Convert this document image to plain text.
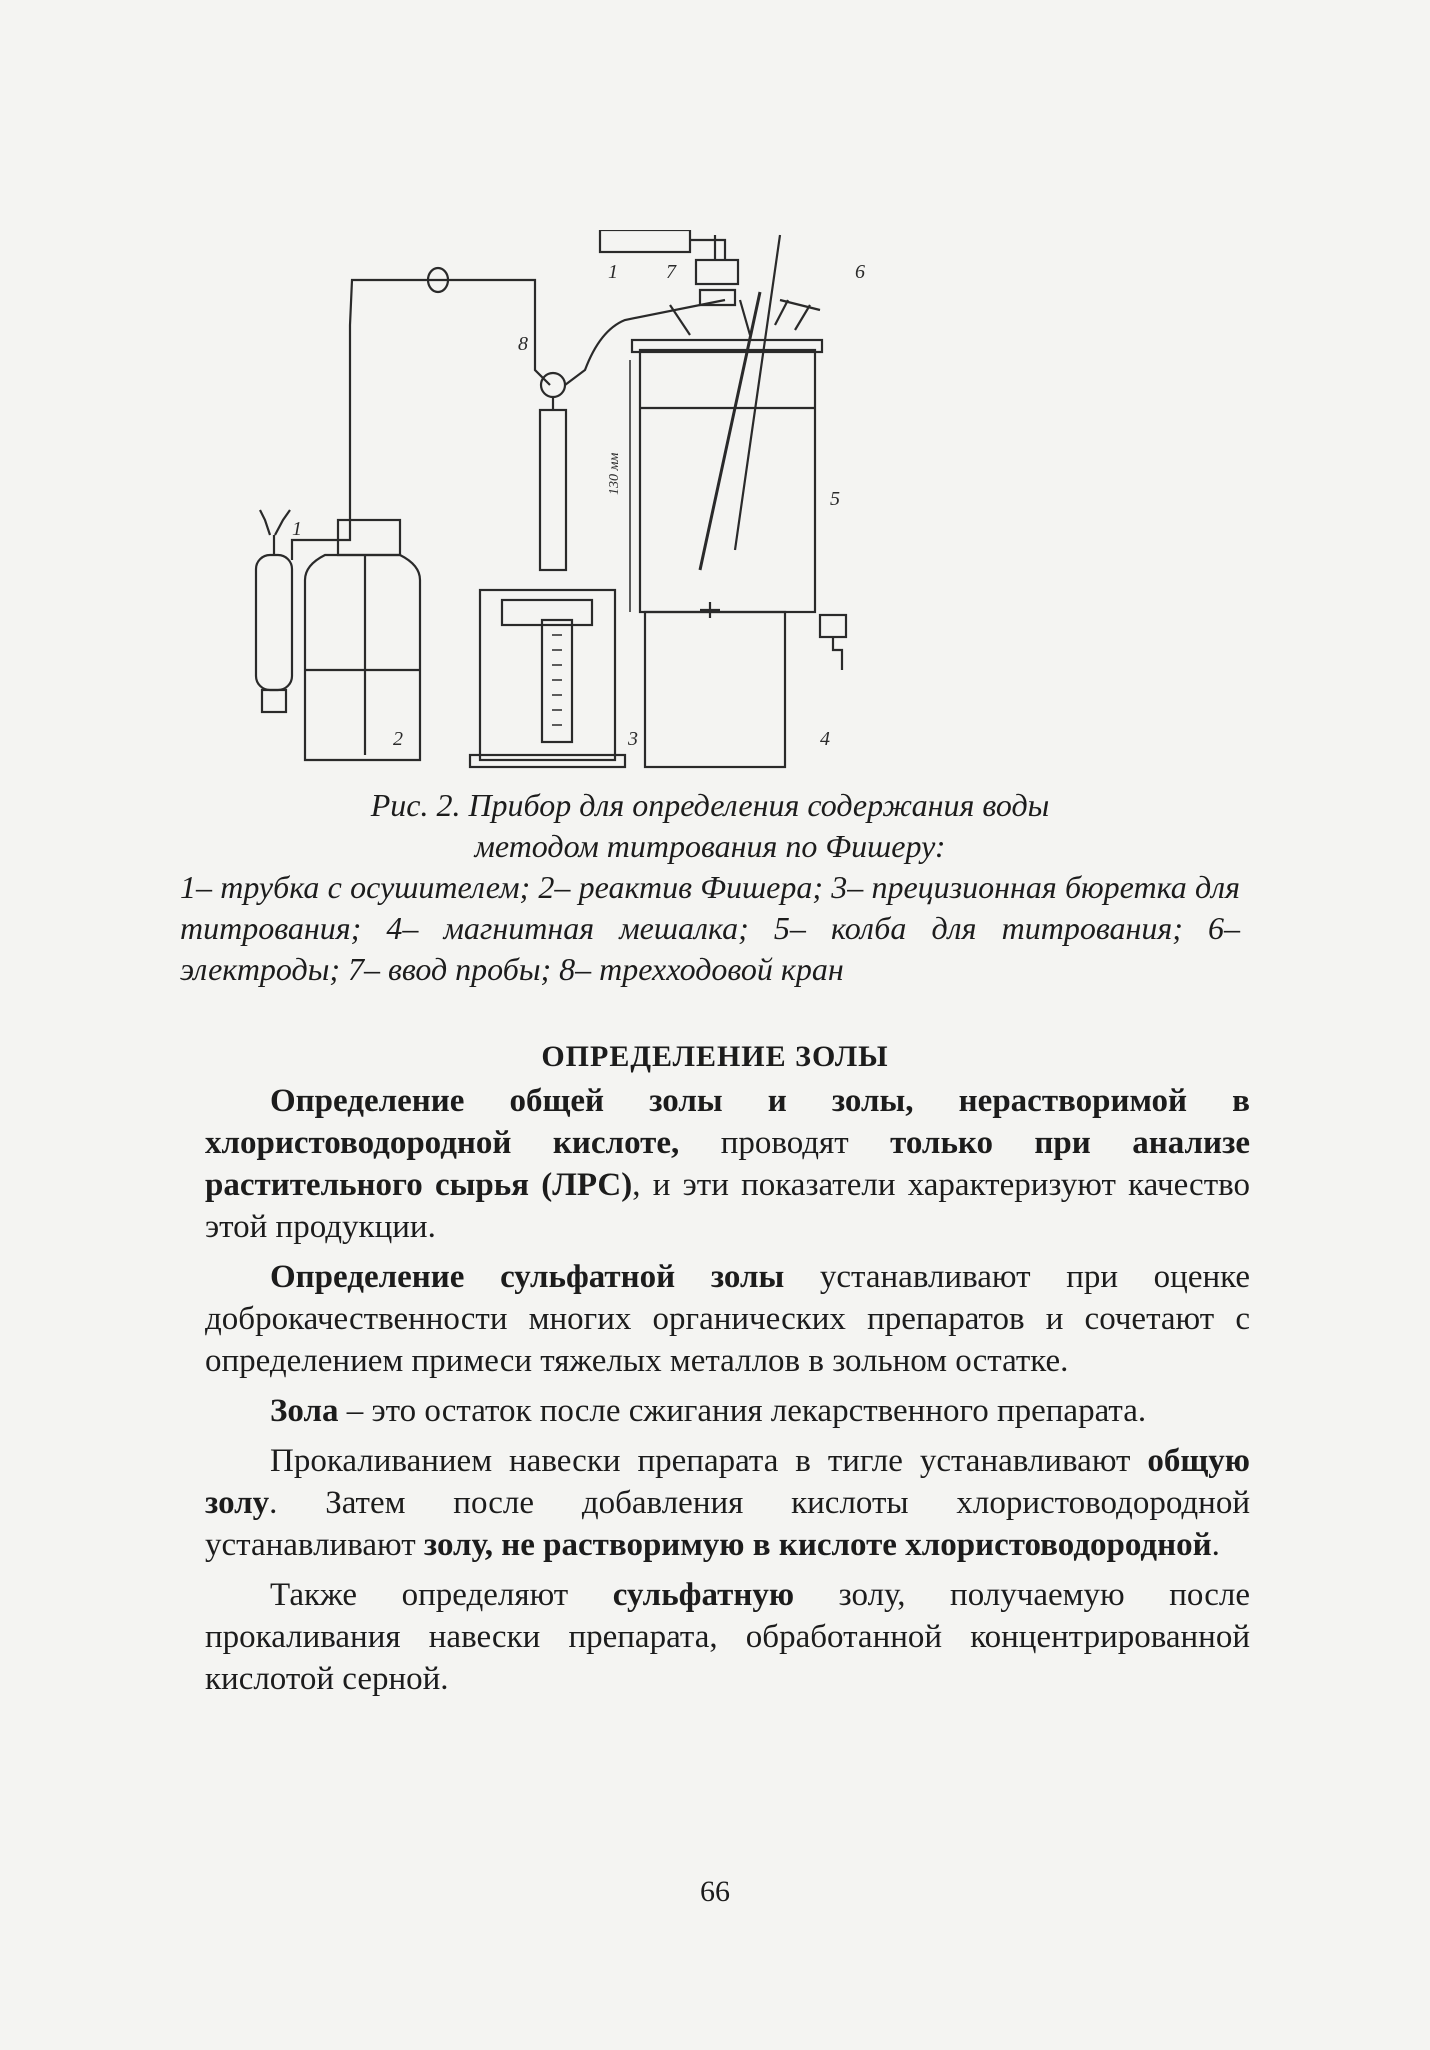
1
1
2	3	4
5
6
7
8
130 мм
Рис. 2. Прибор для определения содержания воды
методом титрования по Фишеру:
1– трубка с осушителем; 2– реактив Фишера; 3– прецизионная бюретка для титрования; 4– магнитная мешалка; 5– колба для титрования; 6– электроды; 7– ввод пробы; 8– трехходовой кран
ОПРЕДЕЛЕНИЕ ЗОЛЫ

Определение общей золы и золы, нерастворимой в хлористоводородной кислоте, проводят только при анализе растительного сырья (ЛРС), и эти показатели характеризуют качество этой продукции.

Определение сульфатной золы устанавливают при оценке доброкачественности многих органических препаратов и сочетают с определением примеси тяжелых металлов в зольном остатке.

Зола – это остаток после сжигания лекарственного препарата.

Прокаливанием навески препарата в тигле устанавливают общую золу. Затем после добавления кислоты хлористоводородной устанавливают золу, не растворимую в кислоте хлористоводородной.

Также определяют сульфатную золу, получаемую после прокаливания навески препарата, обработанной концентрированной кислотой серной.

66
